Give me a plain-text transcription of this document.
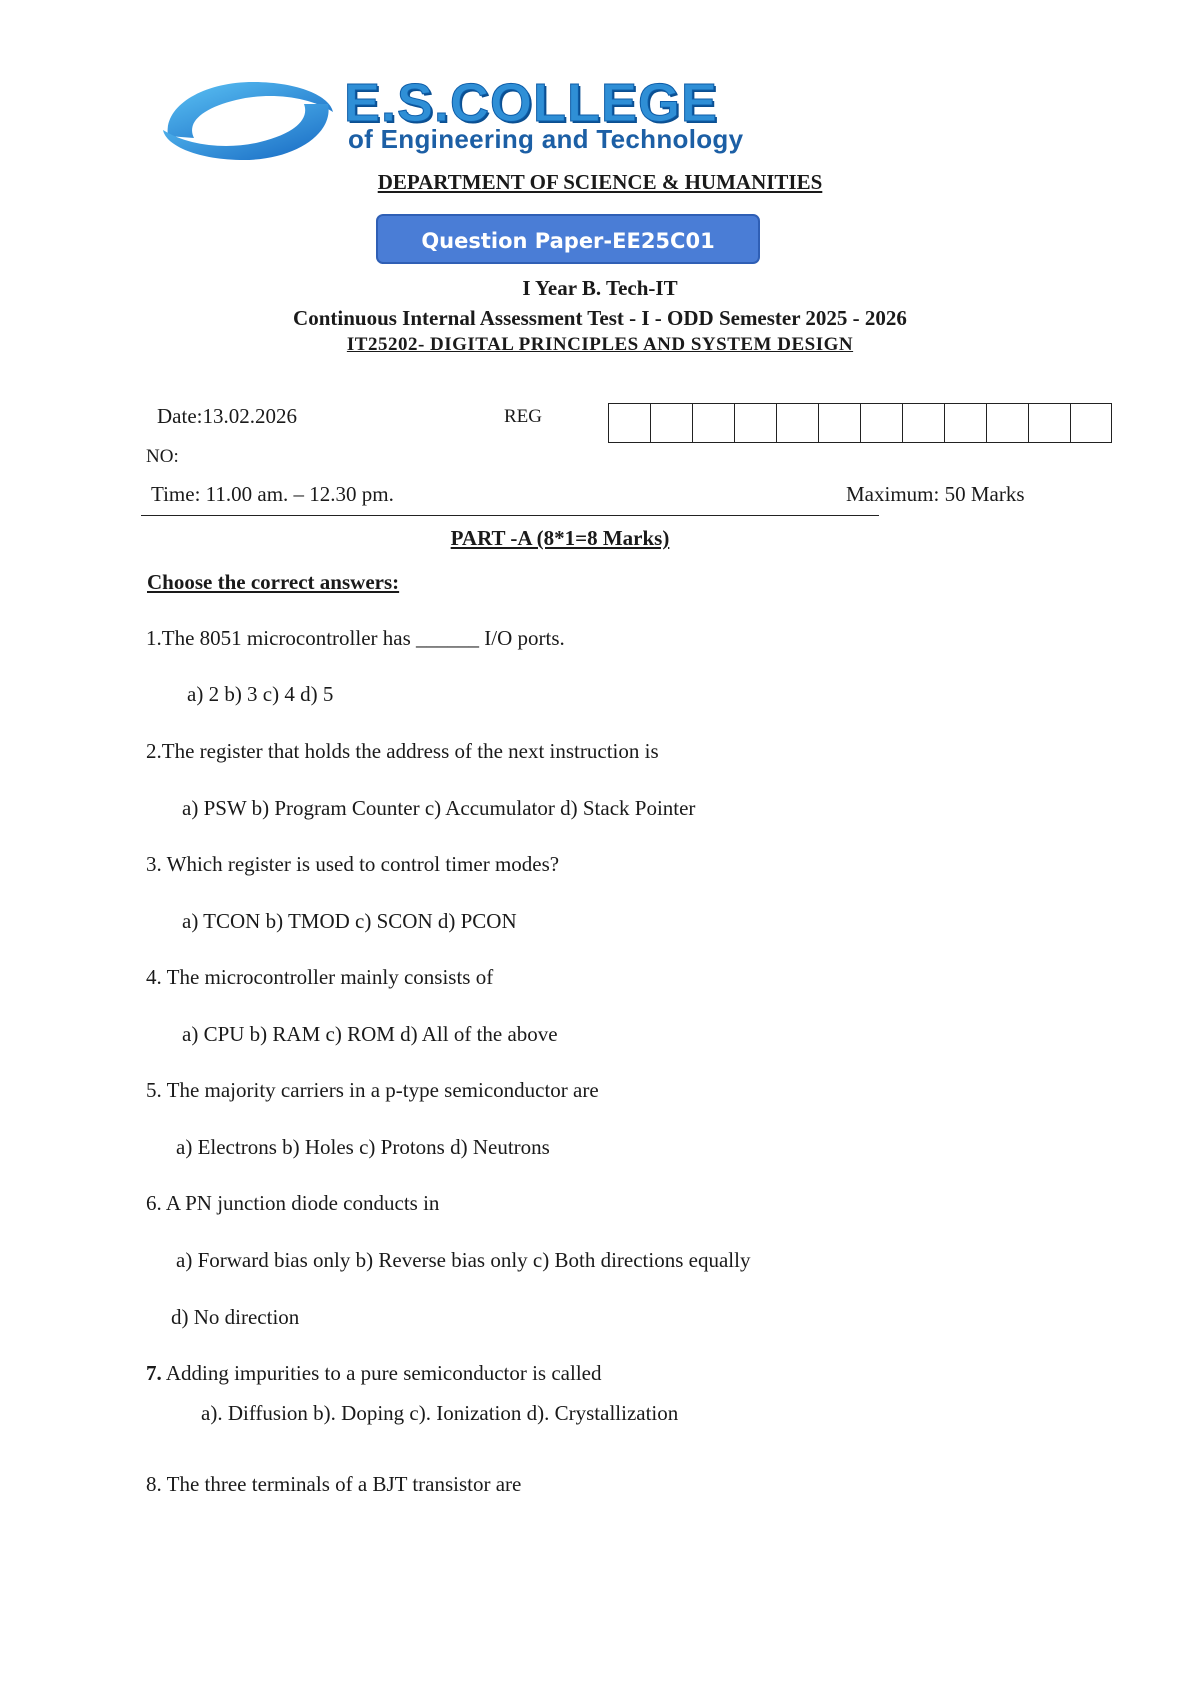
E.S.COLLEGE
of Engineering and Technology
DEPARTMENT OF SCIENCE & HUMANITIES
Question Paper-EE25C01
I Year B. Tech-IT
Continuous Internal Assessment Test - I - ODD Semester 2025 - 2026
IT25202- DIGITAL PRINCIPLES AND SYSTEM DESIGN
Date:13.02.2026	REG
NO:
Time: 11.00 am. – 12.30 pm.	Maximum: 50 Marks
PART -A (8*1=8 Marks)
Choose the correct answers:
1.The 8051 microcontroller has ______ I/O ports.
a) 2 b) 3 c) 4 d) 5
2.The register that holds the address of the next instruction is
a) PSW b) Program Counter c) Accumulator d) Stack Pointer
3. Which register is used to control timer modes?
a) TCON b) TMOD c) SCON d) PCON
4. The microcontroller mainly consists of
a) CPU b) RAM c) ROM d) All of the above
5. The majority carriers in a p-type semiconductor are
a) Electrons b) Holes c) Protons d) Neutrons
6. A PN junction diode conducts in
a) Forward bias only b) Reverse bias only c) Both directions equally
d) No direction
7. Adding impurities to a pure semiconductor is called
a). Diffusion b). Doping c). Ionization d). Crystallization
8. The three terminals of a BJT transistor are
